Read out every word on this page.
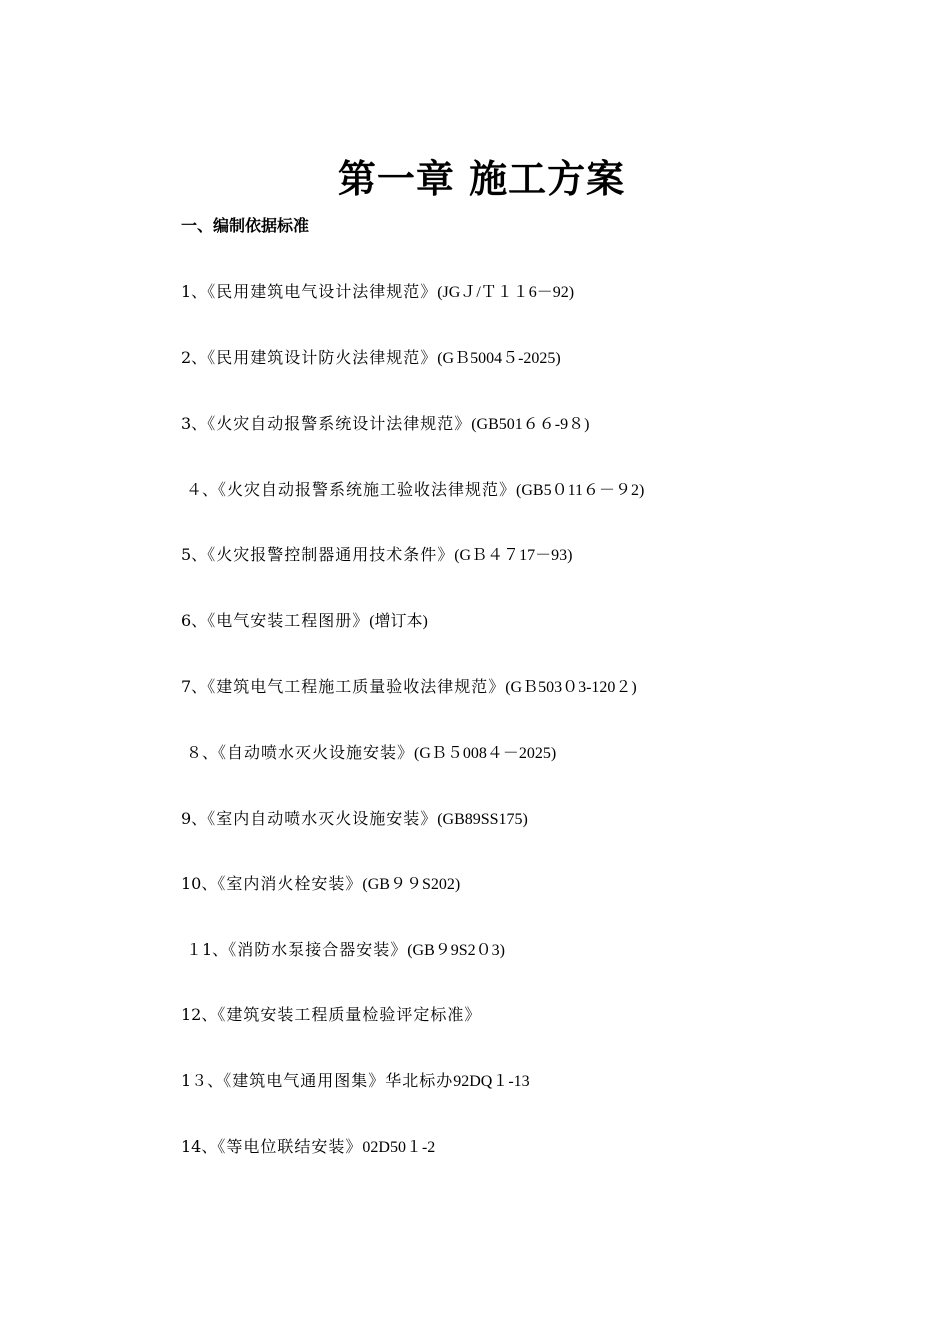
第一章 施工方案
一、编制依据标准
1、《民用建筑电气设计法律规范》(JGＪ/Ｔ１１6－92)
2、《民用建筑设计防火法律规范》(GＢ5004５-2025)
3、《火灾自动报警系统设计法律规范》(GB501６６-9８)
４、《火灾自动报警系统施工验收法律规范》(GB5０11６－９2)
5、《火灾报警控制器通用技术条件》(GＢ４７17－93)
6、《电气安装工程图册》(增订本)
7、《建筑电气工程施工质量验收法律规范》(GＢ503０3-120２)
８、《自动喷水灭火设施安装》(GＢ５008４－2025)
9、《室内自动喷水灭火设施安装》(GB89SS175)
10、《室内消火栓安装》(GB９９S202)
１1、《消防水泵接合器安装》(GB９9S2０3)
12、《建筑安装工程质量检验评定标准》
1３、《建筑电气通用图集》华北标办92DQ１-13
14、《等电位联结安装》02D50１-2
